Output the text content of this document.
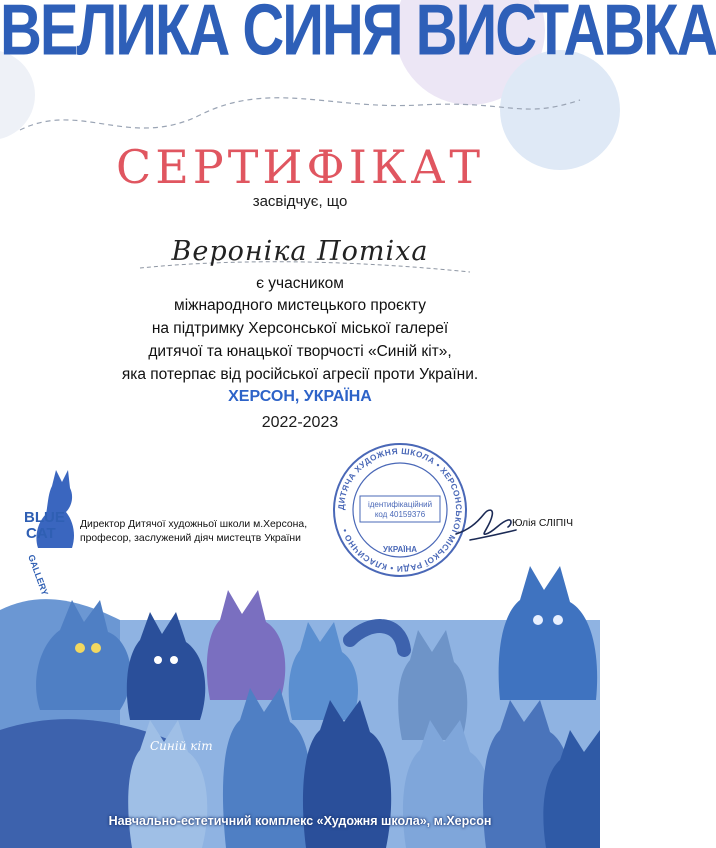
ВЕЛИКА СИНЯ ВИСТАВКА
СЕРТИФІКАТ
засвідчує, що
Вероніка Потіха
є учасником
міжнародного мистецького проєкту
на підтримку Херсонської міської галереї
дитячої та юнацької творчості «Синій кіт»,
яка потерпає від російської агресії проти України.
ХЕРСОН, УКРАЇНА
2022-2023
BLUE
CAT
GALLERY
Директор Дитячої художньої школи м.Херсона,
професор, заслужений діяч мистецтв України
Юлія СЛІПІЧ
ДИТЯЧА ХУДОЖНЯ ШКОЛА • ХЕРСОНСЬКОЇ МІСЬКОЇ РАДИ • КЛАСИЧНО •
ідентифікаційний
код 40159376
УКРАЇНА
Синій кіт
Навчально-естетичний комплекс «Художня школа», м.Херсон
